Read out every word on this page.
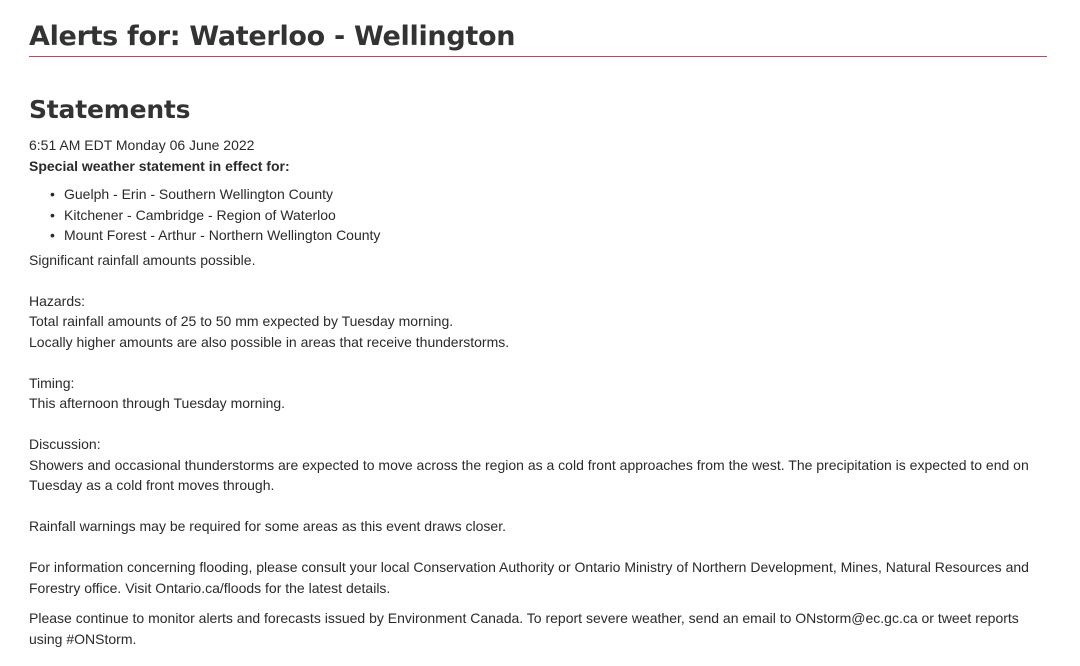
Alerts for: Waterloo - Wellington
Statements
6:51 AM EDT Monday 06 June 2022
Special weather statement in effect for:
• Guelph - Erin - Southern Wellington County
• Kitchener - Cambridge - Region of Waterloo
• Mount Forest - Arthur - Northern Wellington County

Significant rainfall amounts possible.

Hazards:

Total rainfall amounts of 25 to 50 mm expected by Tuesday morning.

Locally higher amounts are also possible in areas that receive thunderstorms.

Timing:

This afternoon through Tuesday morning.

Discussion:

Showers and occasional thunderstorms are expected to move across the region as a cold front approaches from the west. The precipitation is expected to end on Tuesday as a cold front moves through.

Rainfall warnings may be required for some areas as this event draws closer.

For information concerning flooding, please consult your local Conservation Authority or Ontario Ministry of Northern Development, Mines, Natural Resources and Forestry office. Visit Ontario.ca/floods for the latest details.

Please continue to monitor alerts and forecasts issued by Environment Canada. To report severe weather, send an email to ONstorm@ec.gc.ca or tweet reports using #ONStorm.
